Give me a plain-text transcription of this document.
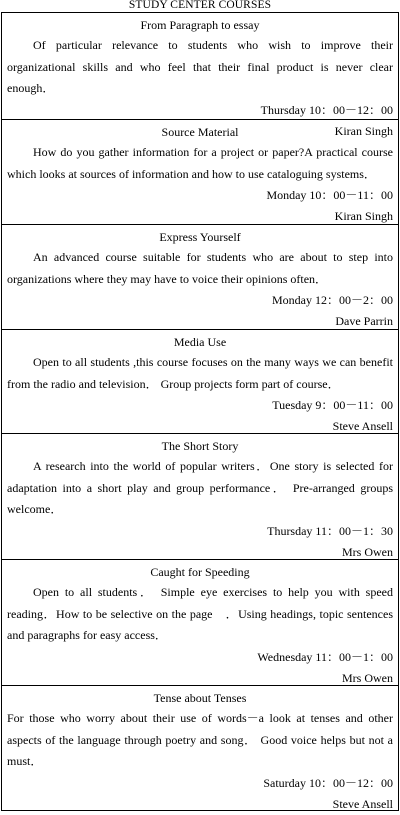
STUDY CENTER COURSES
From Paragraph to essay
Of particular relevance to students who wish to improve their organizational skills and who feel that their final product is never clear enough．
Thursday 10：00－12：00
Kiran Singh
Source Material
How do you gather information for a project or paper?A practical course which looks at sources of information and how to use cataloguing systems．
Monday 10：00－11：00
Kiran Singh
Express Yourself
An advanced course suitable for students who are about to step into organizations where they may have to voice their opinions often．
Monday 12：00－2：00
Dave Parrin
Media Use
Open to all students ,this course focuses on the many ways we can benefit from the radio and television． Group projects form part of course．
Tuesday 9：00－11：00
Steve Ansell
The Short Story
A research into the world of popular writers．One story is selected for adaptation into a short play and group performance． Pre-arranged groups welcome．
Thursday 11：00－1：30
Mrs Owen
Caught for Speeding
Open to all students． Simple eye exercises to help you with speed reading．How to be selective on the page　．Using headings, topic sentences and paragraphs for easy access．
Wednesday 11：00－1：00
Mrs Owen
Tense about Tenses
For those who worry about their use of words－a look at tenses and other aspects of the language through poetry and song． Good voice helps but not a must．
Saturday 10：00－12：00
Steve Ansell
